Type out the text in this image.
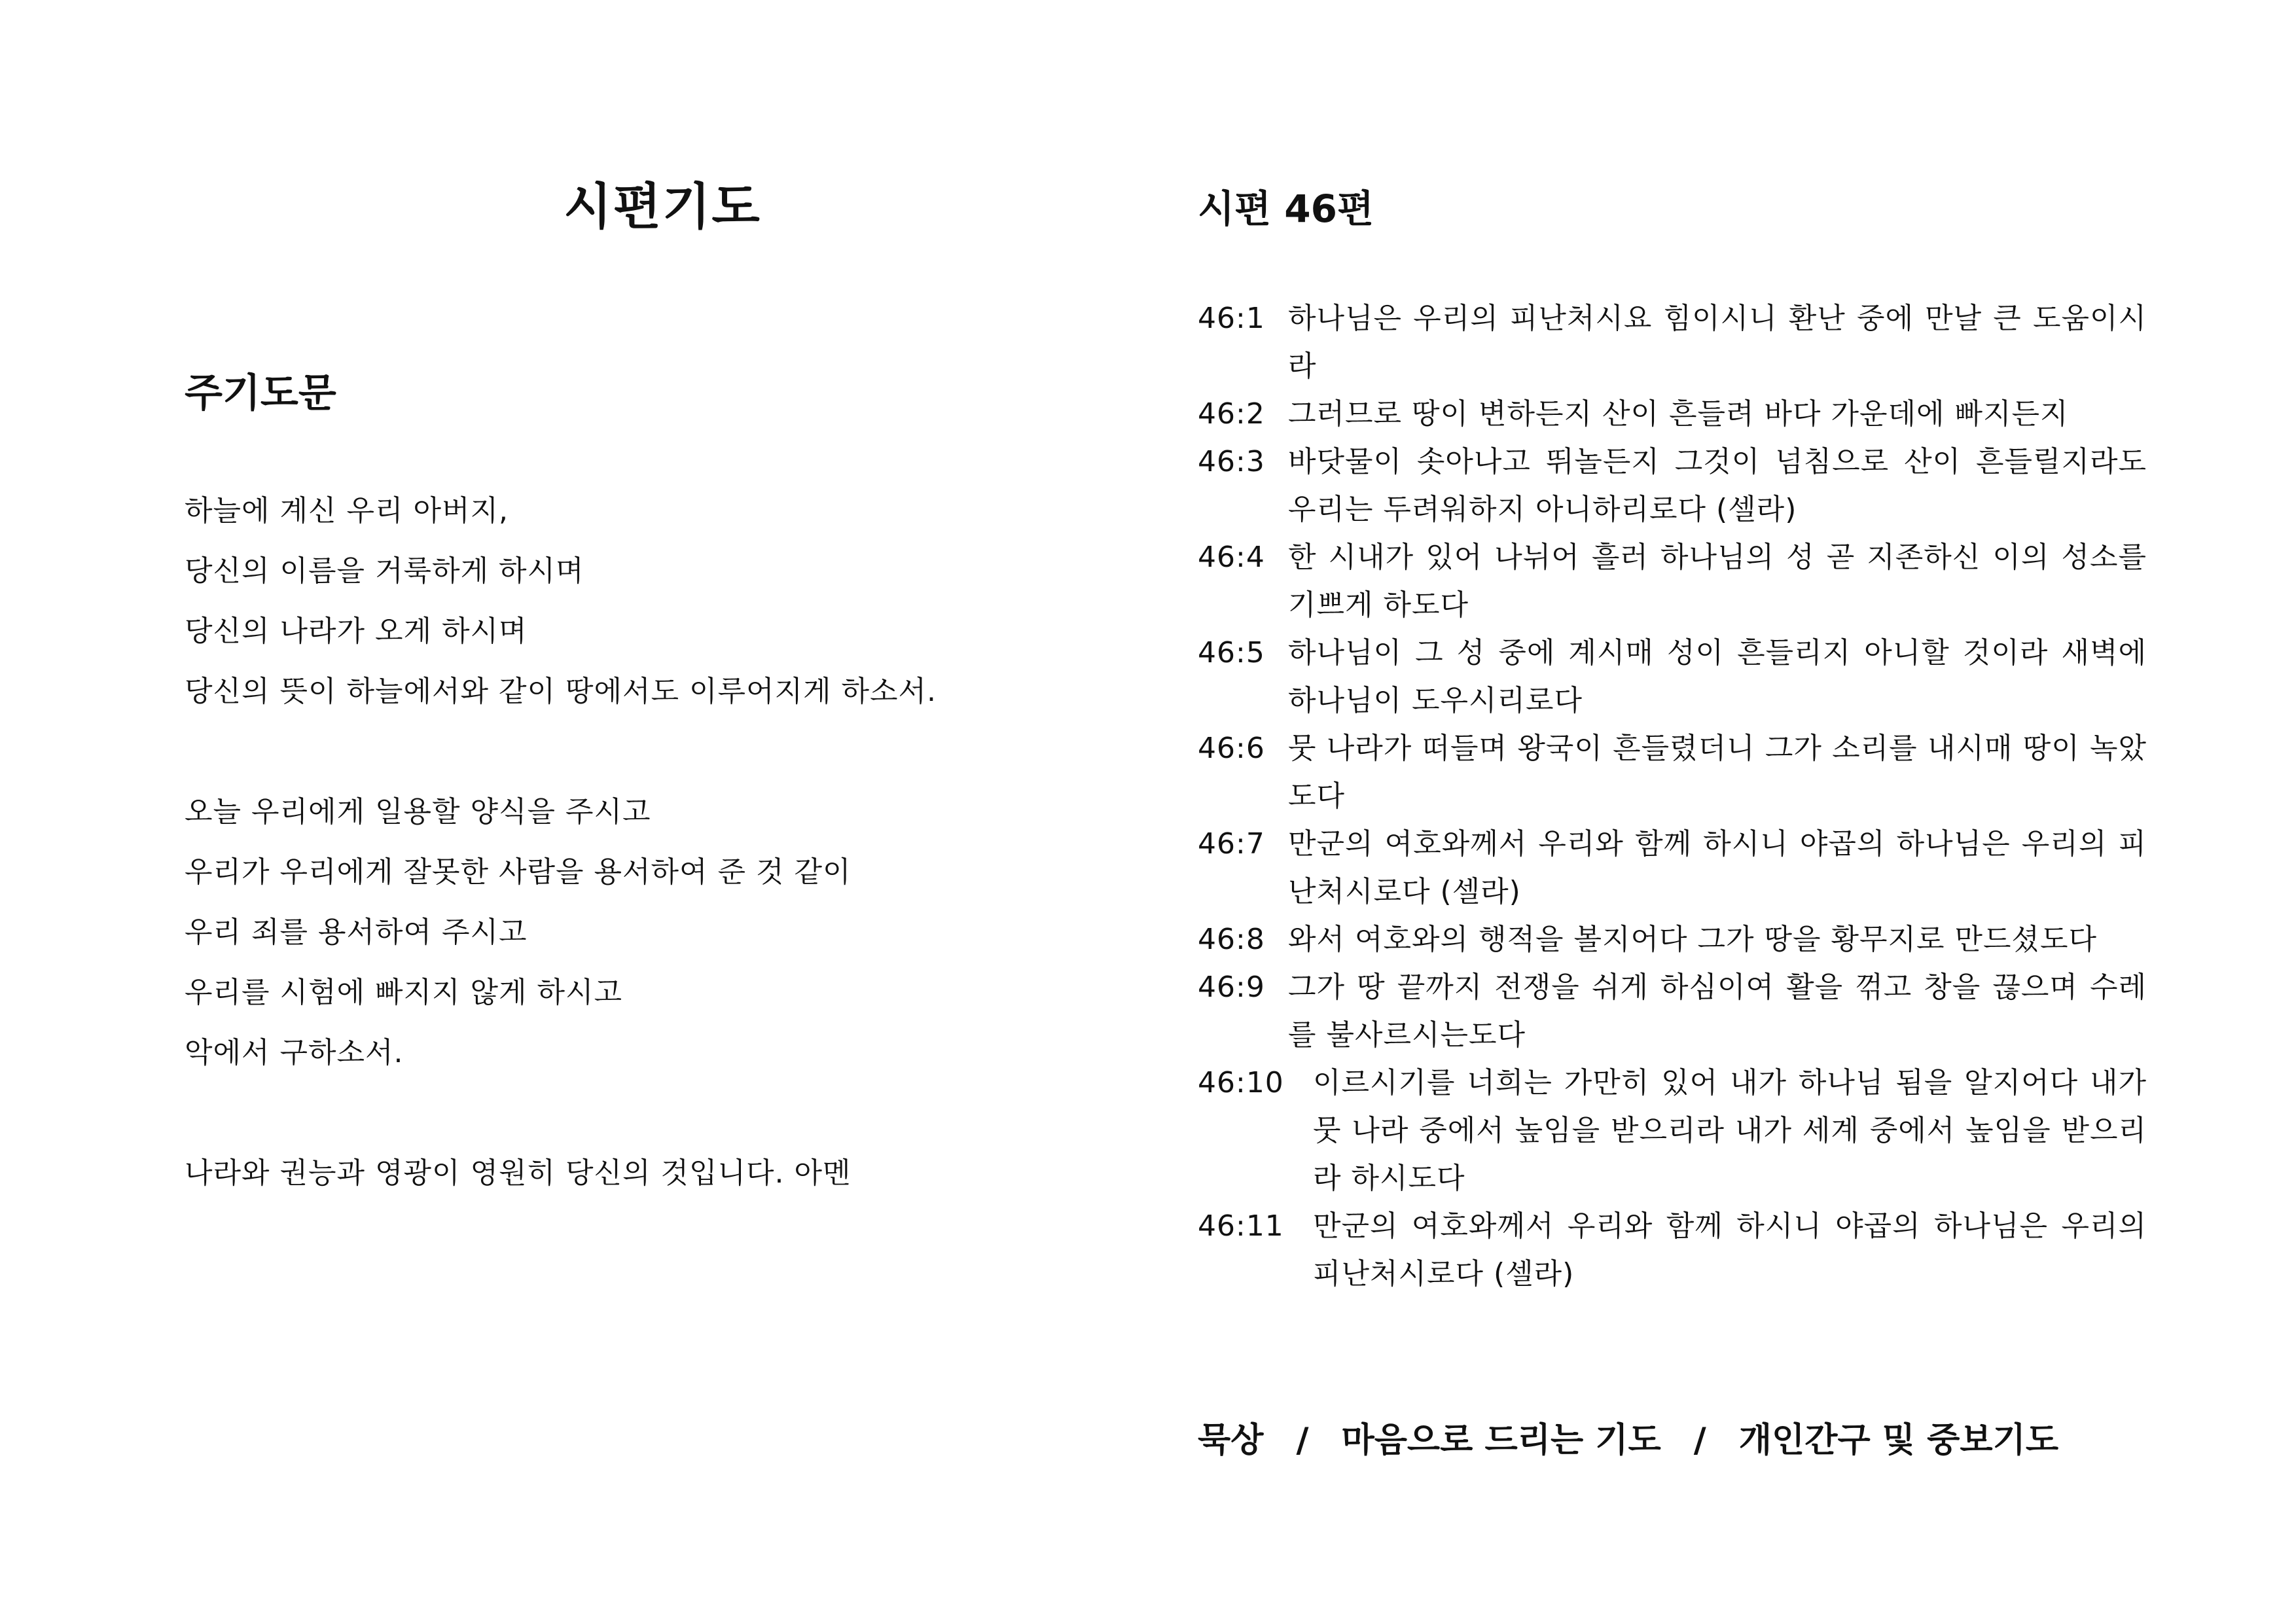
시편기도
주기도문
하늘에 계신 우리 아버지,
당신의 이름을 거룩하게 하시며
당신의 나라가 오게 하시며
당신의 뜻이 하늘에서와 같이 땅에서도 이루어지게 하소서.
오늘 우리에게 일용할 양식을 주시고
우리가 우리에게 잘못한 사람을 용서하여 준 것 같이
우리 죄를 용서하여 주시고
우리를 시험에 빠지지 않게 하시고
악에서 구하소서.
나라와 권능과 영광이 영원히 당신의 것입니다. 아멘
시편 46편
46:1 하나님은 우리의 피난처시요 힘이시니 환난 중에 만날 큰 도움이시라
46:2 그러므로 땅이 변하든지 산이 흔들려 바다 가운데에 빠지든지
46:3 바닷물이 솟아나고 뛰놀든지 그것이 넘침으로 산이 흔들릴지라도 우리는 두려워하지 아니하리로다 (셀라)
46:4 한 시내가 있어 나뉘어 흘러 하나님의 성 곧 지존하신 이의 성소를 기쁘게 하도다
46:5 하나님이 그 성 중에 계시매 성이 흔들리지 아니할 것이라 새벽에 하나님이 도우시리로다
46:6 뭇 나라가 떠들며 왕국이 흔들렸더니 그가 소리를 내시매 땅이 녹았도다
46:7 만군의 여호와께서 우리와 함께 하시니 야곱의 하나님은 우리의 피난처시로다 (셀라)
46:8 와서 여호와의 행적을 볼지어다 그가 땅을 황무지로 만드셨도다
46:9 그가 땅 끝까지 전쟁을 쉬게 하심이여 활을 꺾고 창을 끊으며 수레를 불사르시는도다
46:10	이르시기를 너희는 가만히 있어 내가 하나님 됨을 알지어다 내가 뭇 나라 중에서 높임을 받으리라 내가 세계 중에서 높임을 받으리라 하시도다
46:11	만군의 여호와께서 우리와 함께 하시니 야곱의 하나님은 우리의 피난처시로다 (셀라)
묵상 / 마음으로 드리는 기도 / 개인간구 및 중보기도
